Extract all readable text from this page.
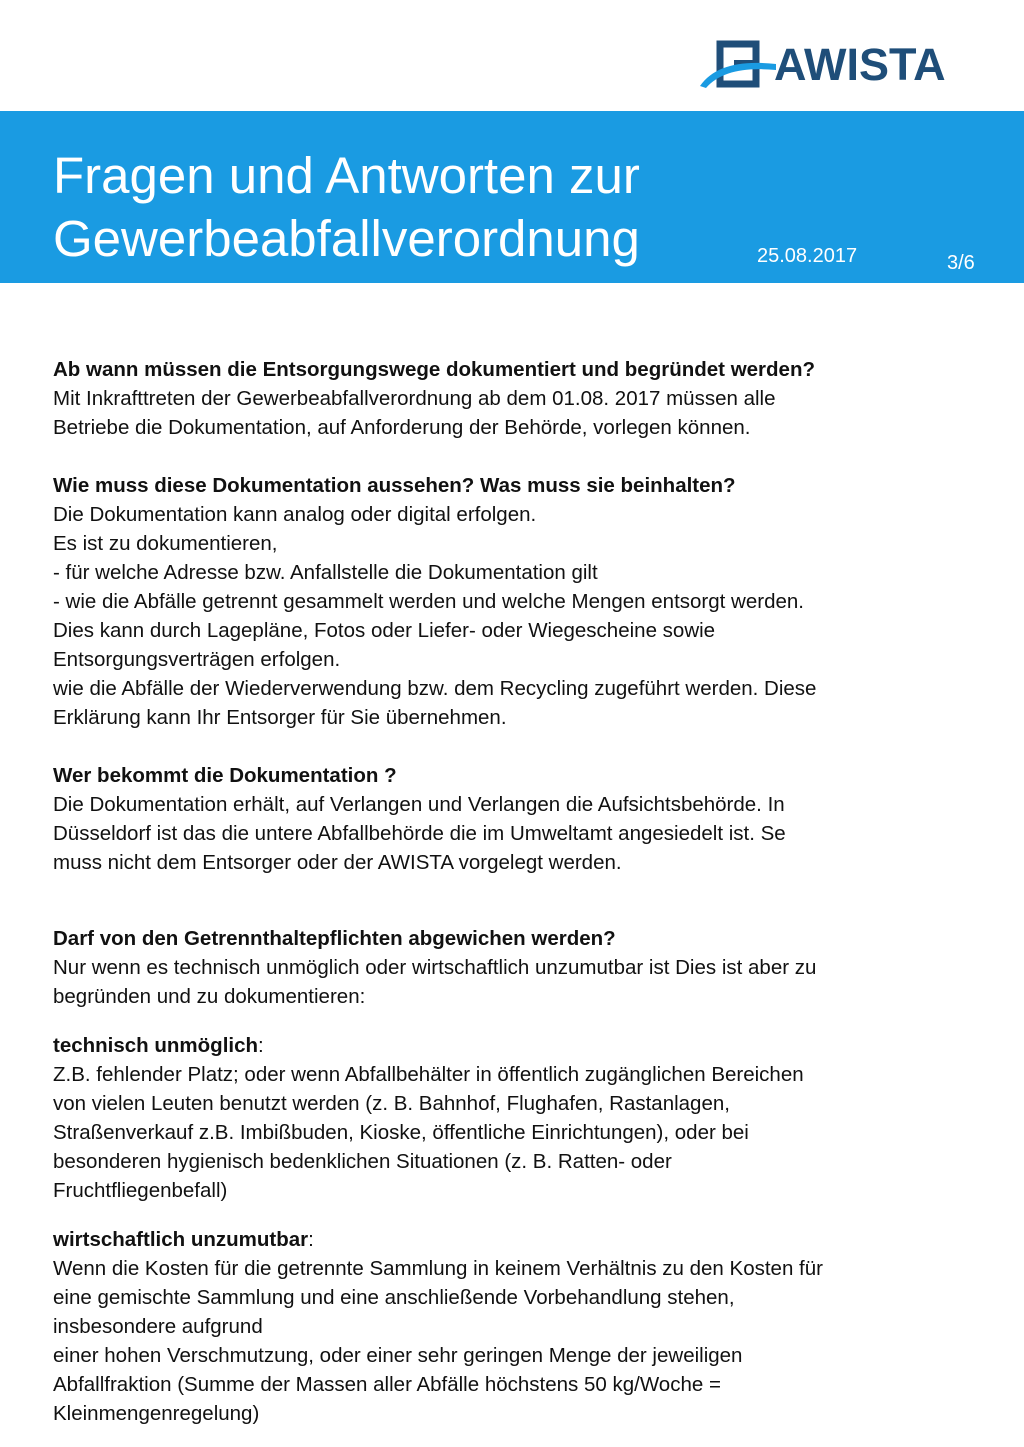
AWISTA
Fragen und Antworten zur
Gewerbeabfallverordnung	25.08.2017	3/6
Ab wann müssen die Entsorgungswege dokumentiert und begründet werden?
Mit Inkrafttreten der Gewerbeabfallverordnung ab dem 01.08. 2017 müssen alle
Betriebe die Dokumentation, auf Anforderung der Behörde, vorlegen können.
Wie muss diese Dokumentation aussehen? Was muss sie beinhalten?
Die Dokumentation kann analog oder digital erfolgen.
Es ist zu dokumentieren,
- für welche Adresse bzw. Anfallstelle die Dokumentation gilt
- wie die Abfälle getrennt gesammelt werden und welche Mengen entsorgt werden.
Dies kann durch Lagepläne, Fotos oder Liefer- oder Wiegescheine sowie
Entsorgungsverträgen erfolgen.
wie die Abfälle der Wiederverwendung bzw. dem Recycling zugeführt werden. Diese
Erklärung kann Ihr Entsorger für Sie übernehmen.
Wer bekommt die Dokumentation ?
Die Dokumentation erhält, auf Verlangen und Verlangen die Aufsichtsbehörde. In
Düsseldorf ist das die untere Abfallbehörde die im Umweltamt angesiedelt ist. Se
muss nicht dem Entsorger oder der AWISTA vorgelegt werden.
Darf von den Getrennthaltepflichten abgewichen werden?
Nur wenn es technisch unmöglich oder wirtschaftlich unzumutbar ist Dies ist aber zu
begründen und zu dokumentieren:
technisch unmöglich:
Z.B. fehlender Platz; oder wenn Abfallbehälter in öffentlich zugänglichen Bereichen
von vielen Leuten benutzt werden (z. B. Bahnhof, Flughafen, Rastanlagen,
Straßenverkauf z.B. Imbißbuden, Kioske, öffentliche Einrichtungen), oder bei
besonderen hygienisch bedenklichen Situationen (z. B. Ratten- oder
Fruchtfliegenbefall)
wirtschaftlich unzumutbar:
Wenn die Kosten für die getrennte Sammlung in keinem Verhältnis zu den Kosten für
eine gemischte Sammlung und eine anschließende Vorbehandlung stehen,
insbesondere aufgrund
einer hohen Verschmutzung, oder einer sehr geringen Menge der jeweiligen
Abfallfraktion (Summe der Massen aller Abfälle höchstens 50 kg/Woche =
Kleinmengenregelung)
